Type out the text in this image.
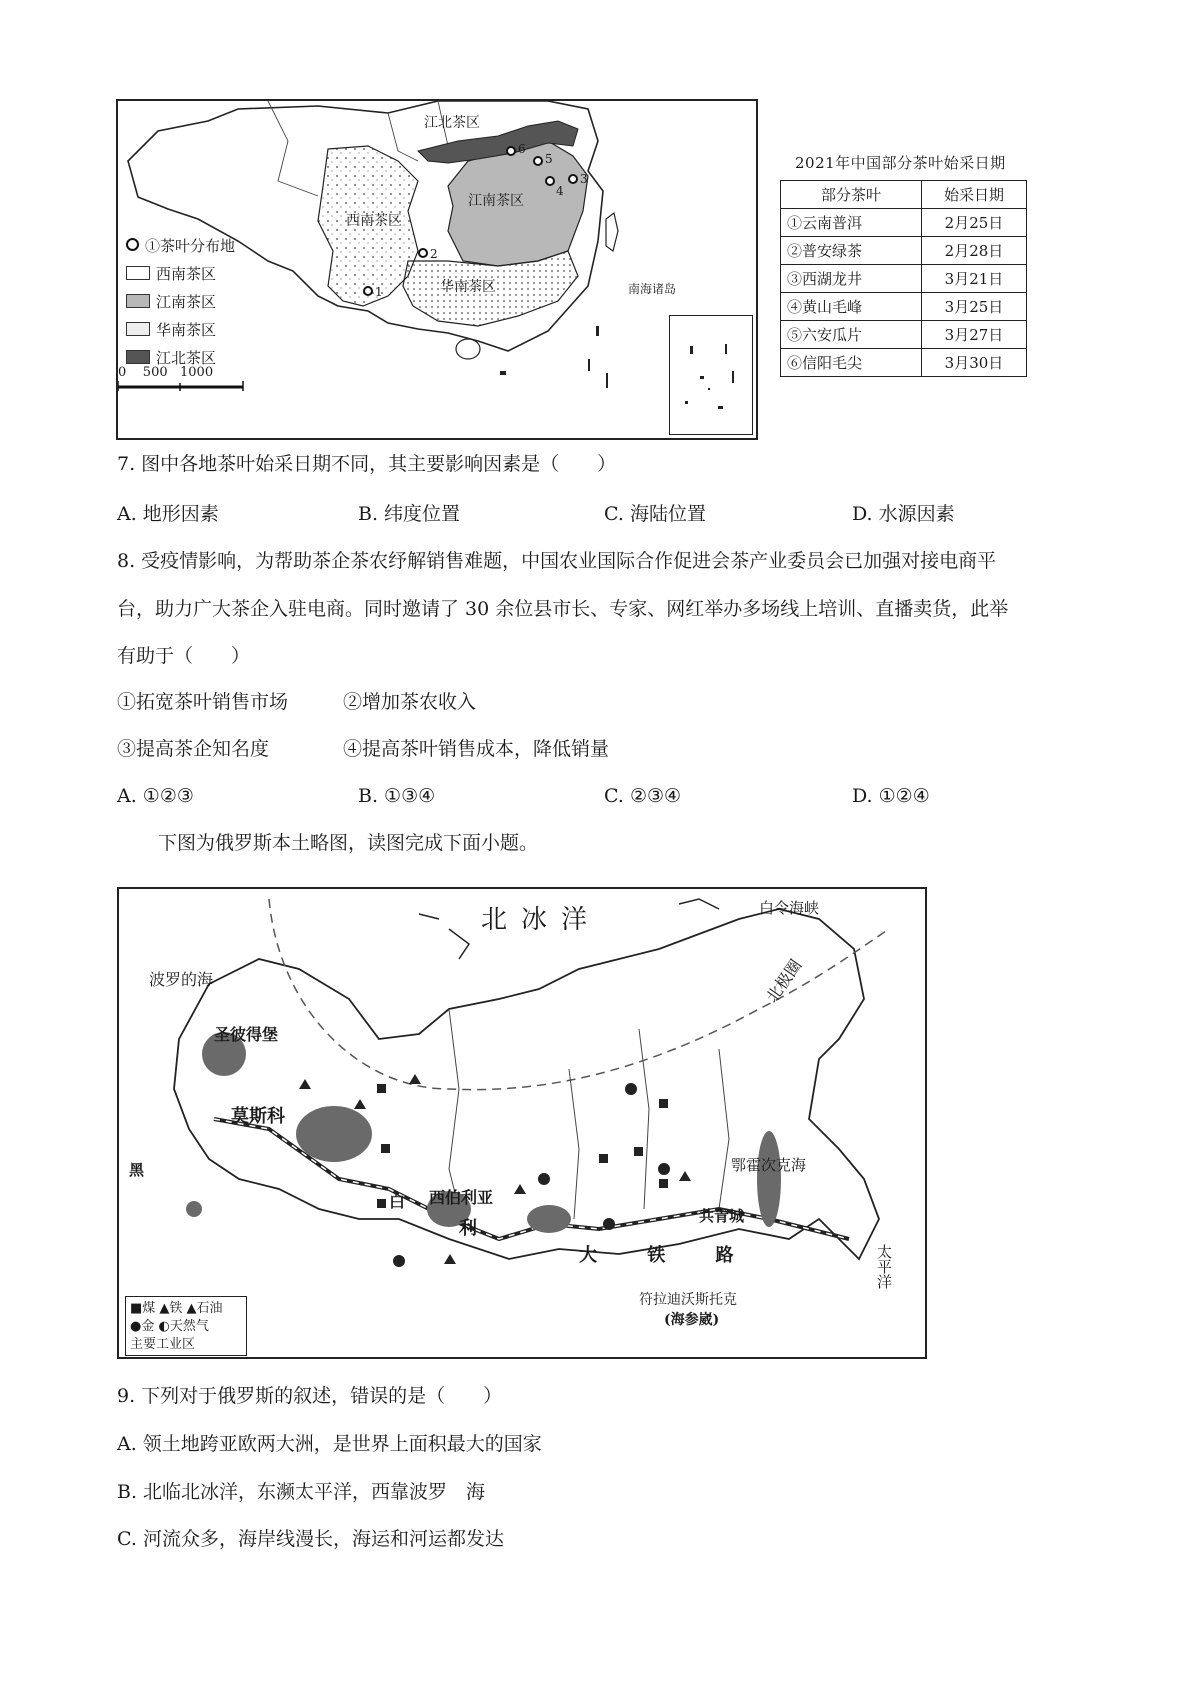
江北茶区
西南茶区
江南茶区
华南茶区	南海诸岛
1
2
3
4
5
6
①茶叶分布地
西南茶区
江南茶区
华南茶区
江北茶区
0    500   1000
2021年中国部分茶叶始采日期
部分茶叶	始采日期
①云南普洱	2月25日
②普安绿茶	2月28日
③西湖龙井	3月21日
④黄山毛峰	3月25日
⑤六安瓜片	3月27日
⑥信阳毛尖	3月30日
7. 图中各地茶叶始采日期不同，其主要影响因素是（　　）
A. 地形因素	B. 纬度位置	C. 海陆位置	D. 水源因素
8. 受疫情影响，为帮助茶企茶农纾解销售难题，中国农业国际合作促进会茶产业委员会已加强对接电商平
台，助力广大茶企入驻电商。同时邀请了 30 余位县市长、专家、网红举办多场线上培训、直播卖货，此举
有助于（　　）
①拓宽茶叶销售市场	②增加茶农收入
③提高茶企知名度	④提高茶叶销售成本，降低销量
A. ①②③	B. ①③④	C. ②③④	D. ①②④
下图为俄罗斯本土略图，读图完成下面小题。
北冰洋	白令海峡
北极圈
波罗的海
圣彼得堡
莫斯科
黑
西伯利亚
白
利
大 铁 路
鄂霍次克海
共青城
符拉迪沃斯托克
(海参崴)
太平洋
■煤 ▲铁 ▲石油
●金 ◐天然气
主要工业区
9. 下列对于俄罗斯的叙述，错误的是（　　）
A. 领土地跨亚欧两大洲，是世界上面积最大的国家
B. 北临北冰洋，东濒太平洋，西靠波罗　海
C. 河流众多，海岸线漫长，海运和河运都发达
